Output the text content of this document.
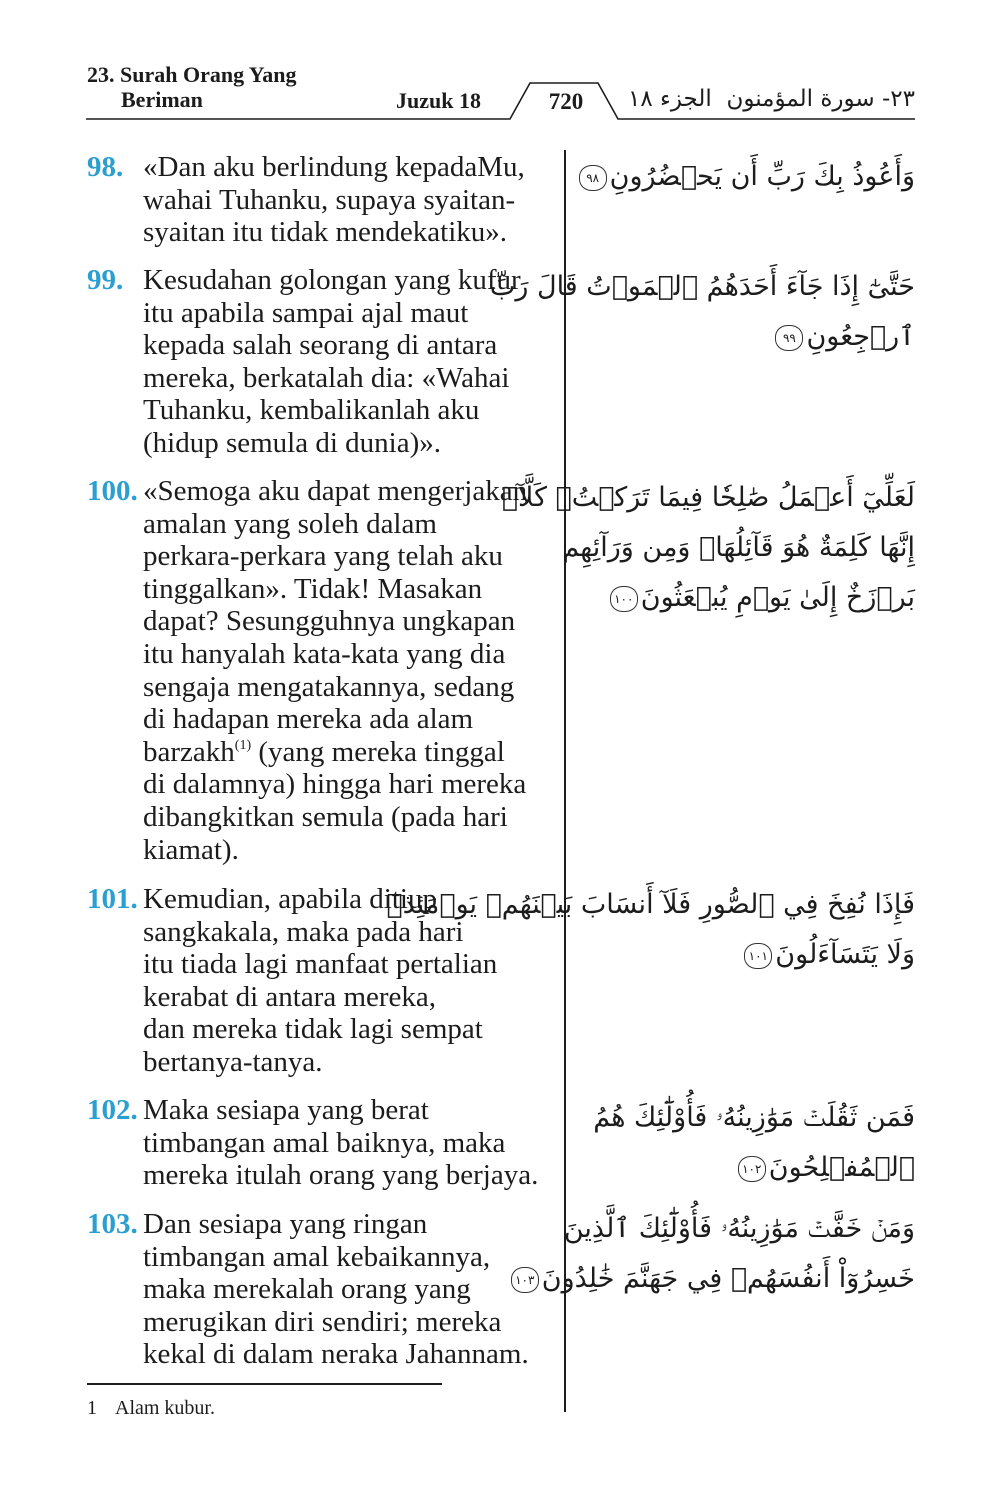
23. Surah Orang Yang
Beriman	Juzuk 18	720	الجزء ١٨ ٢٣- سورة المؤمنون
98. «Dan aku berlindung kepadaMu,
wahai Tuhanku, supaya syaitan-
syaitan itu tidak mendekatiku».
99. Kesudahan golongan yang kufur
itu apabila sampai ajal maut
kepada salah seorang di antara
mereka, berkatalah dia: «Wahai
Tuhanku, kembalikanlah aku
(hidup semula di dunia)».
100. «Semoga aku dapat mengerjakan
amalan yang soleh dalam
perkara-perkara yang telah aku
tinggalkan». Tidak! Masakan
dapat? Sesungguhnya ungkapan
itu hanyalah kata-kata yang dia
sengaja mengatakannya, sedang
di hadapan mereka ada alam
barzakh$^{(1)}$ (yang mereka tinggal
di dalamnya) hingga hari mereka
dibangkitkan semula (pada hari
kiamat).
101. Kemudian, apabila ditiup
sangkakala, maka pada hari
itu tiada lagi manfaat pertalian
kerabat di antara mereka,
dan mereka tidak lagi sempat
bertanya-tanya.
102. Maka sesiapa yang berat
timbangan amal baiknya, maka
mereka itulah orang yang berjaya.
103. Dan sesiapa yang ringan
timbangan amal kebaikannya,
maka merekalah orang yang
merugikan diri sendiri; mereka
kekal di dalam neraka Jahannam.
وَأَعُوذُ بِكَ رَبِّ أَن يَحۡضُرُونِ٩٨
حَتَّىٰٓ إِذَا جَآءَ أَحَدَهُمُ ٱلۡمَوۡتُ قَالَ رَبِّ
ٱرۡجِعُونِ٩٩
لَعَلِّيٓ أَعۡمَلُ صَٰلِحٗا فِيمَا تَرَكۡتُۚ كَلَّآۚ
إِنَّهَا كَلِمَةٌ هُوَ قَآئِلُهَاۖ وَمِن وَرَآئِهِم
بَرۡزَخٌ إِلَىٰ يَوۡمِ يُبۡعَثُونَ١٠٠
فَإِذَا نُفِخَ فِي ٱلصُّورِ فَلَآ أَنسَابَ بَيۡنَهُمۡ يَوۡمَئِذٖ
وَلَا يَتَسَآءَلُونَ١٠١
فَمَن ثَقُلَتۡ مَوَٰزِينُهُۥ فَأُوْلَٰٓئِكَ هُمُ
ٱلۡمُفۡلِحُونَ١٠٢
وَمَنۡ خَفَّتۡ مَوَٰزِينُهُۥ فَأُوْلَٰٓئِكَ ٱلَّذِينَ
خَسِرُوٓاْ أَنفُسَهُمۡ فِي جَهَنَّمَ خَٰلِدُونَ١٠٣
1 Alam kubur.
